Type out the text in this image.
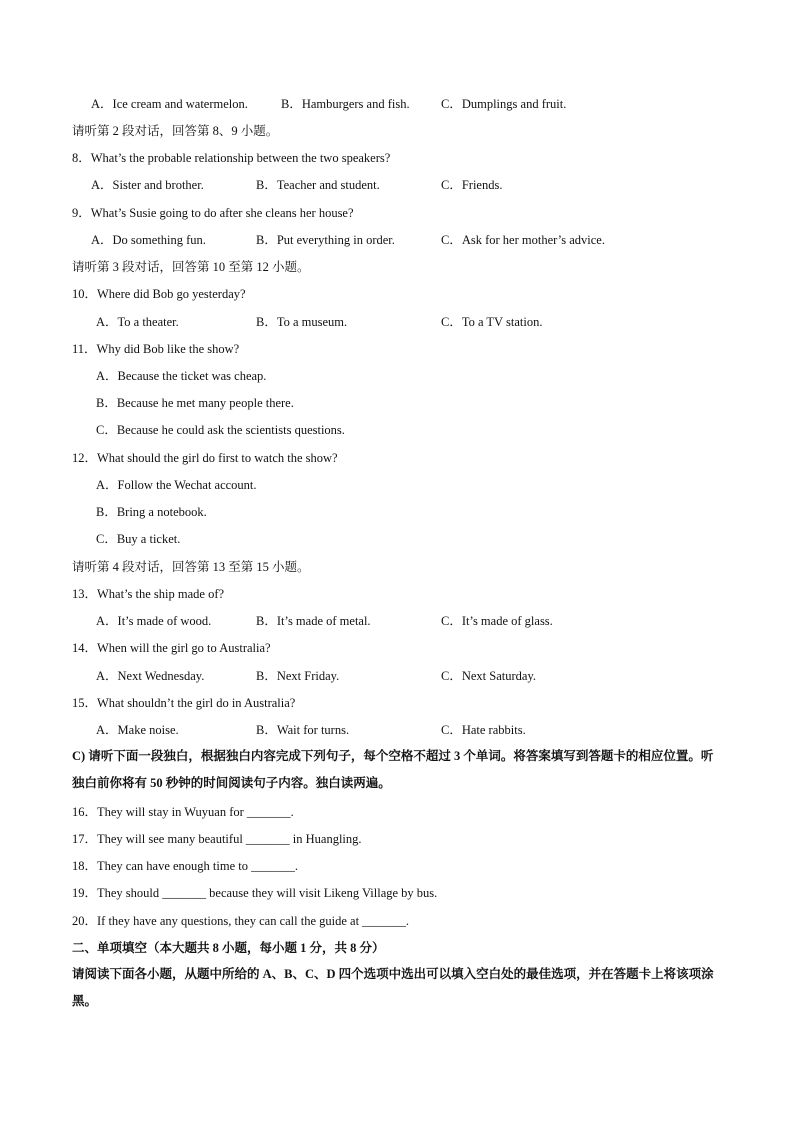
A．Ice cream and watermelon.	B．Hamburgers and fish.	C．Dumplings and fruit.
请听第 2 段对话，回答第 8、9 小题。
8．What’s the probable relationship between the two speakers?
A．Sister and brother.	B．Teacher and student.	C．Friends.
9．What’s Susie going to do after she cleans her house?
A．Do something fun.	B．Put everything in order.	C．Ask for her mother’s advice.
请听第 3 段对话，回答第 10 至第 12 小题。
10．Where did Bob go yesterday?
A．To a theater.	B．To a museum.	C．To a TV station.
11．Why did Bob like the show?
A．Because the ticket was cheap.
B．Because he met many people there.
C．Because he could ask the scientists questions.
12．What should the girl do first to watch the show?
A．Follow the Wechat account.
B．Bring a notebook.
C．Buy a ticket.
请听第 4 段对话，回答第 13 至第 15 小题。
13．What’s the ship made of?
A．It’s made of wood.	B．It’s made of metal.	C．It’s made of glass.
14．When will the girl go to Australia?
A．Next Wednesday.	B．Next Friday.	C．Next Saturday.
15．What shouldn’t the girl do in Australia?
A．Make noise.	B．Wait for turns.	C．Hate rabbits.
C) 请听下面一段独白，根据独白内容完成下列句子，每个空格不超过 3 个单词。将答案填写到答题卡的相应位置。听独白前你将有 50 秒钟的时间阅读句子内容。独白读两遍。
16．They will stay in Wuyuan for _______.
17．They will see many beautiful _______ in Huangling.
18．They can have enough time to _______.
19．They should _______ because they will visit Likeng Village by bus.
20．If they have any questions, they can call the guide at _______.
二、单项填空（本大题共 8 小题，每小题 1 分，共 8 分）
请阅读下面各小题，从题中所给的 A、B、C、D 四个选项中选出可以填入空白处的最佳选项，并在答题卡上将该项涂黑。
